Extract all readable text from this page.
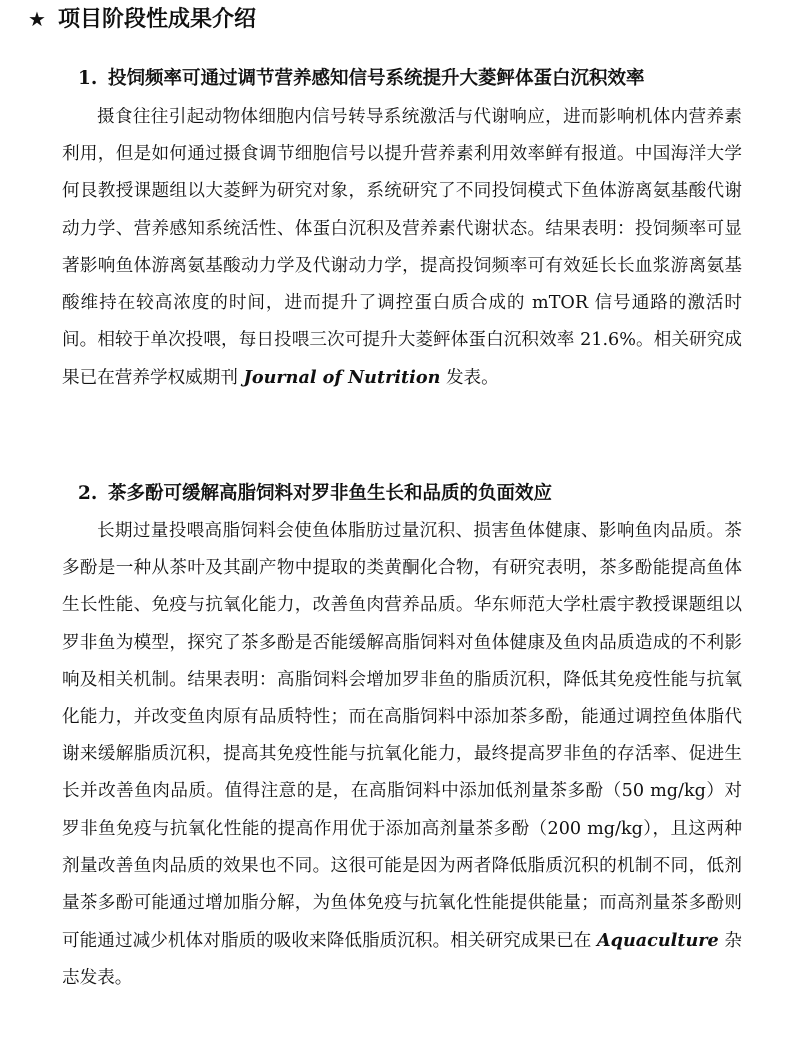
★ 项目阶段性成果介绍
1. 投饲频率可通过调节营养感知信号系统提升大菱鲆体蛋白沉积效率

摄食往往引起动物体细胞内信号转导系统激活与代谢响应，进而影响机体内营养素利用，但是如何通过摄食调节细胞信号以提升营养素利用效率鲜有报道。中国海洋大学何艮教授课题组以大菱鲆为研究对象，系统研究了不同投饲模式下鱼体游离氨基酸代谢动力学、营养感知系统活性、体蛋白沉积及营养素代谢状态。结果表明：投饲频率可显著影响鱼体游离氨基酸动力学及代谢动力学，提高投饲频率可有效延长长血浆游离氨基酸维持在较高浓度的时间，进而提升了调控蛋白质合成的 mTOR 信号通路的激活时间。相较于单次投喂，每日投喂三次可提升大菱鲆体蛋白沉积效率 21.6%。相关研究成果已在营养学权威期刊 Journal of Nutrition 发表。

2. 茶多酚可缓解高脂饲料对罗非鱼生长和品质的负面效应

长期过量投喂高脂饲料会使鱼体脂肪过量沉积、损害鱼体健康、影响鱼肉品质。茶多酚是一种从茶叶及其副产物中提取的类黄酮化合物，有研究表明，茶多酚能提高鱼体生长性能、免疫与抗氧化能力，改善鱼肉营养品质。华东师范大学杜震宇教授课题组以罗非鱼为模型，探究了茶多酚是否能缓解高脂饲料对鱼体健康及鱼肉品质造成的不利影响及相关机制。结果表明：高脂饲料会增加罗非鱼的脂质沉积，降低其免疫性能与抗氧化能力，并改变鱼肉原有品质特性；而在高脂饲料中添加茶多酚，能通过调控鱼体脂代谢来缓解脂质沉积，提高其免疫性能与抗氧化能力，最终提高罗非鱼的存活率、促进生长并改善鱼肉品质。值得注意的是，在高脂饲料中添加低剂量茶多酚（50 mg/kg）对罗非鱼免疫与抗氧化性能的提高作用优于添加高剂量茶多酚（200 mg/kg），且这两种剂量改善鱼肉品质的效果也不同。这很可能是因为两者降低脂质沉积的机制不同，低剂量茶多酚可能通过增加脂分解，为鱼体免疫与抗氧化性能提供能量；而高剂量茶多酚则可能通过减少机体对脂质的吸收来降低脂质沉积。相关研究成果已在 Aquaculture 杂志发表。
